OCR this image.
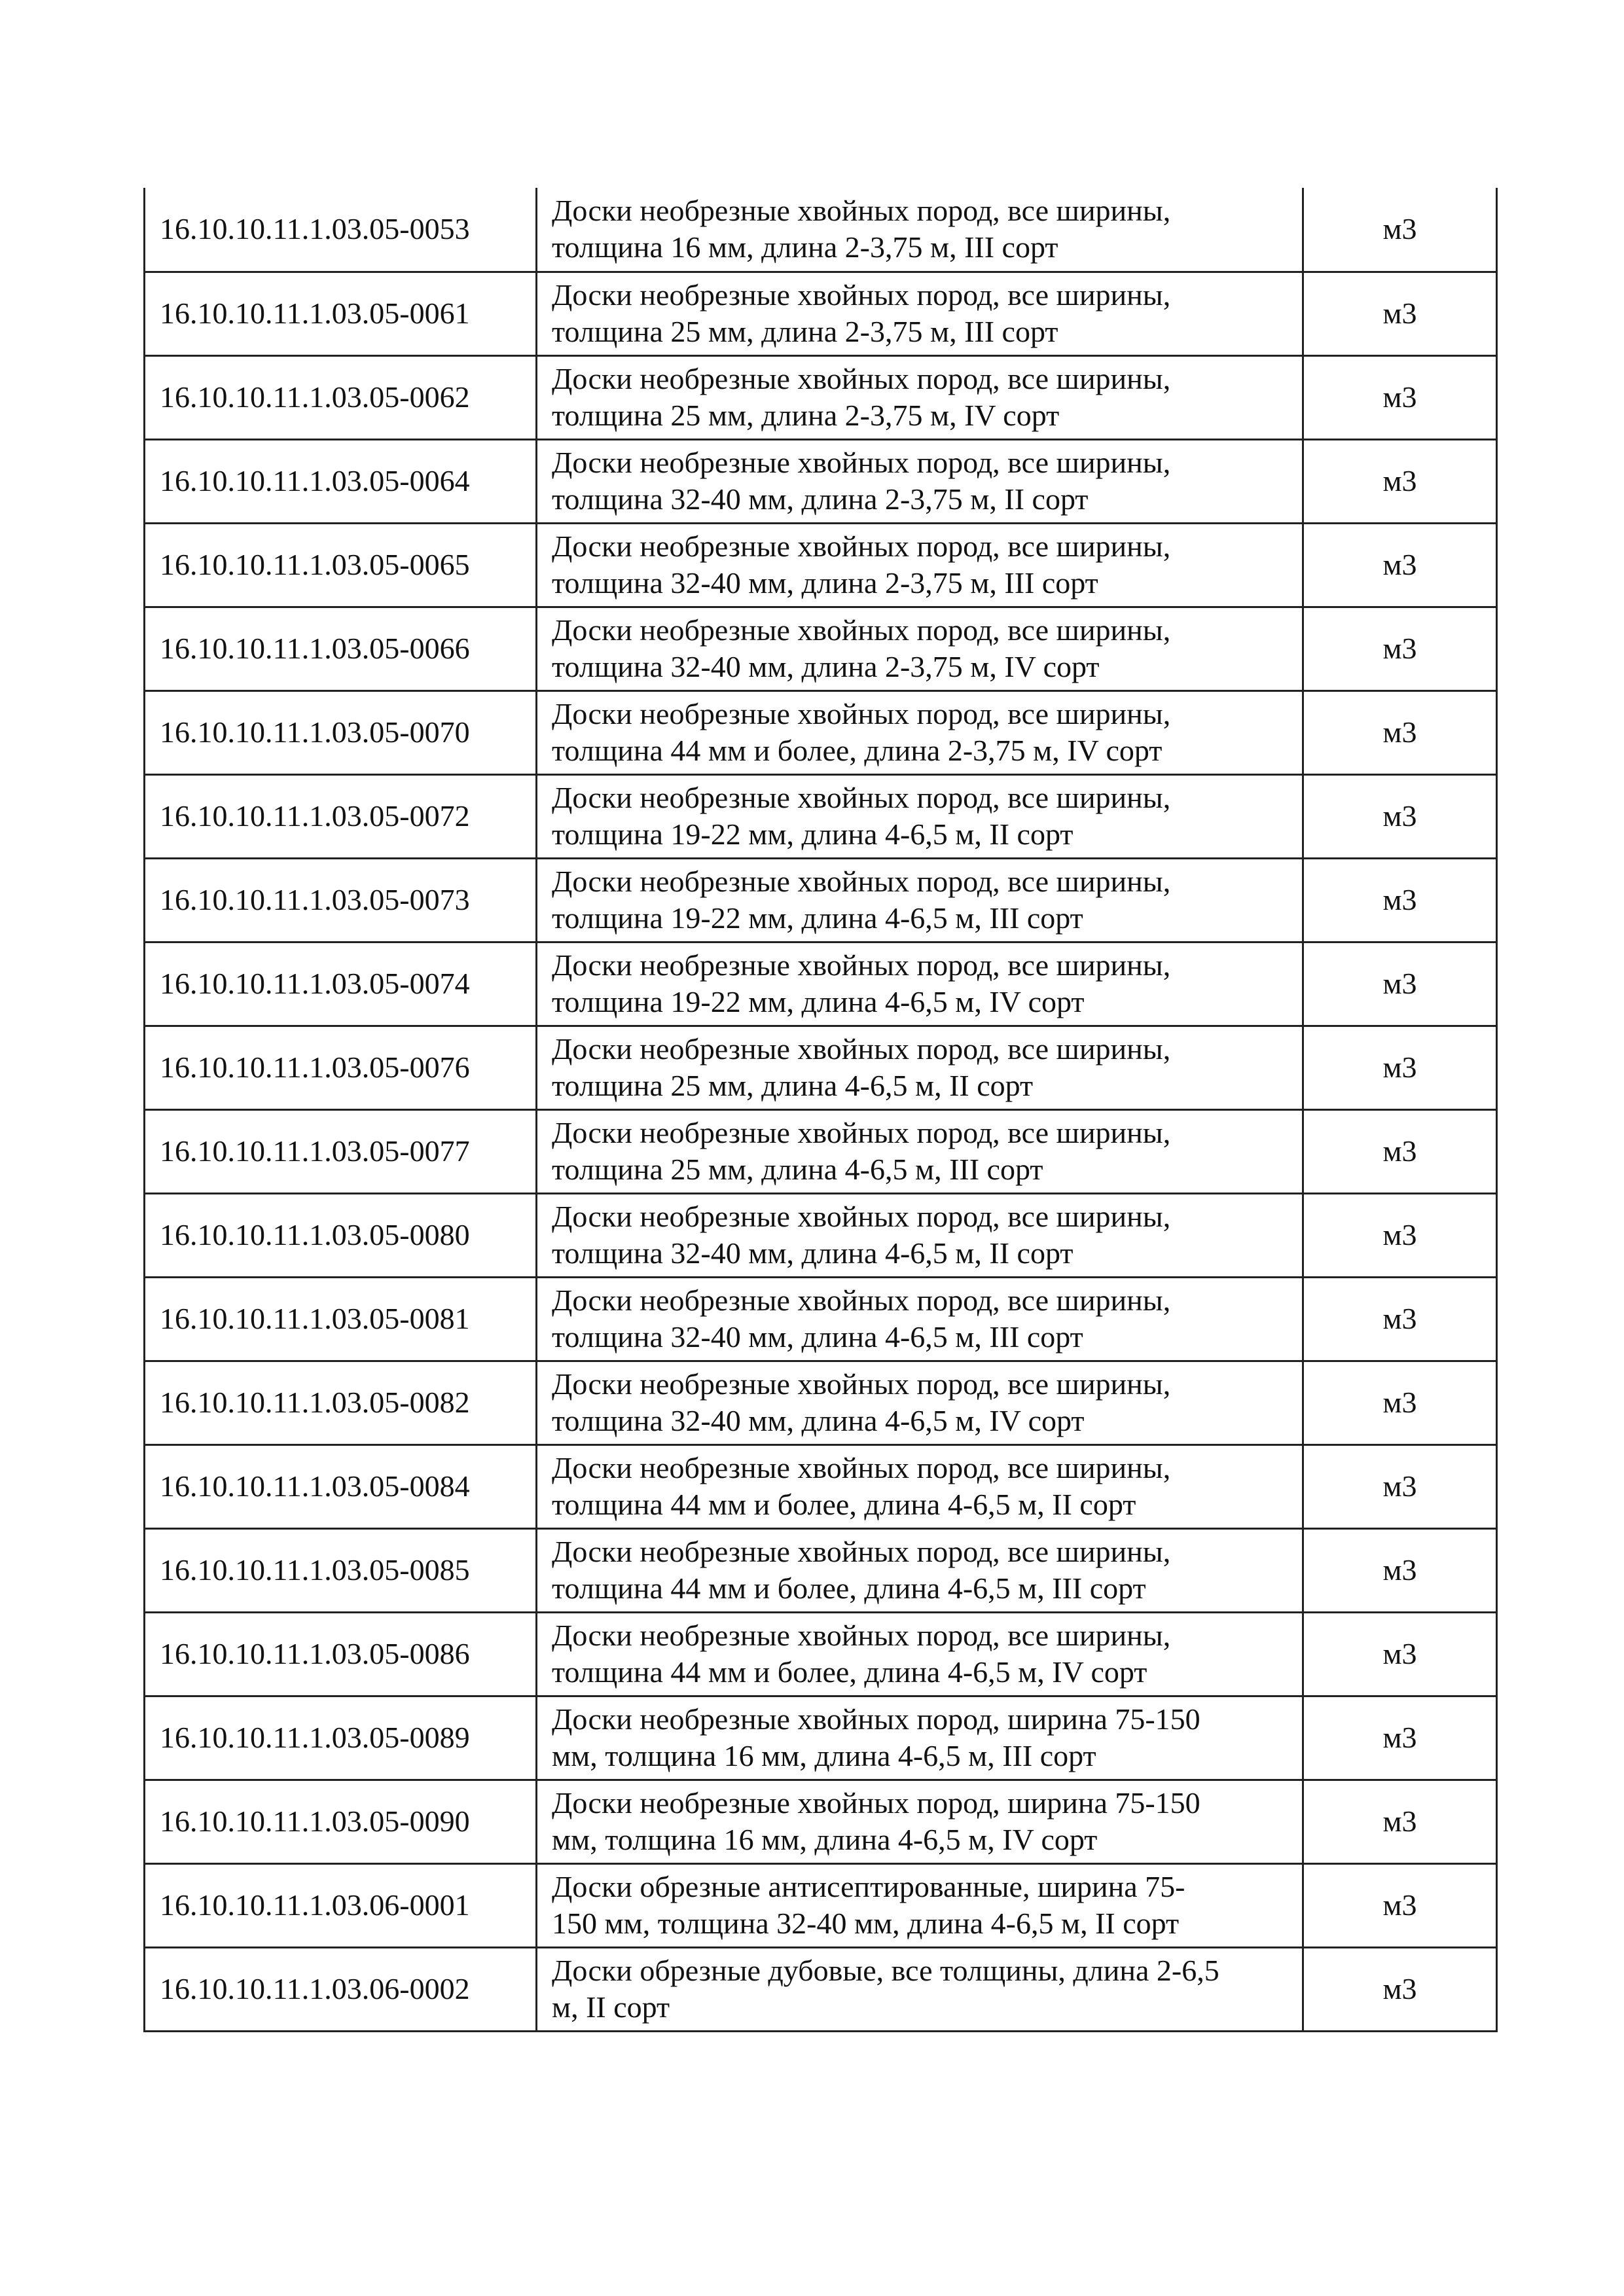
16.10.10.11.1.03.05-0053	Доски необрезные хвойных пород, все ширины,
толщина 16 мм, длина 2-3,75 м, III сорт	м3
16.10.10.11.1.03.05-0061	Доски необрезные хвойных пород, все ширины,
толщина 25 мм, длина 2-3,75 м, III сорт	м3
16.10.10.11.1.03.05-0062	Доски необрезные хвойных пород, все ширины,
толщина 25 мм, длина 2-3,75 м, IV сорт	м3
16.10.10.11.1.03.05-0064	Доски необрезные хвойных пород, все ширины,
толщина 32-40 мм, длина 2-3,75 м, II сорт	м3
16.10.10.11.1.03.05-0065	Доски необрезные хвойных пород, все ширины,
толщина 32-40 мм, длина 2-3,75 м, III сорт	м3
16.10.10.11.1.03.05-0066	Доски необрезные хвойных пород, все ширины,
толщина 32-40 мм, длина 2-3,75 м, IV сорт	м3
16.10.10.11.1.03.05-0070	Доски необрезные хвойных пород, все ширины,
толщина 44 мм и более, длина 2-3,75 м, IV сорт	м3
16.10.10.11.1.03.05-0072	Доски необрезные хвойных пород, все ширины,
толщина 19-22 мм, длина 4-6,5 м, II сорт	м3
16.10.10.11.1.03.05-0073	Доски необрезные хвойных пород, все ширины,
толщина 19-22 мм, длина 4-6,5 м, III сорт	м3
16.10.10.11.1.03.05-0074	Доски необрезные хвойных пород, все ширины,
толщина 19-22 мм, длина 4-6,5 м, IV сорт	м3
16.10.10.11.1.03.05-0076	Доски необрезные хвойных пород, все ширины,
толщина 25 мм, длина 4-6,5 м, II сорт	м3
16.10.10.11.1.03.05-0077	Доски необрезные хвойных пород, все ширины,
толщина 25 мм, длина 4-6,5 м, III сорт	м3
16.10.10.11.1.03.05-0080	Доски необрезные хвойных пород, все ширины,
толщина 32-40 мм, длина 4-6,5 м, II сорт	м3
16.10.10.11.1.03.05-0081	Доски необрезные хвойных пород, все ширины,
толщина 32-40 мм, длина 4-6,5 м, III сорт	м3
16.10.10.11.1.03.05-0082	Доски необрезные хвойных пород, все ширины,
толщина 32-40 мм, длина 4-6,5 м, IV сорт	м3
16.10.10.11.1.03.05-0084	Доски необрезные хвойных пород, все ширины,
толщина 44 мм и более, длина 4-6,5 м, II сорт	м3
16.10.10.11.1.03.05-0085	Доски необрезные хвойных пород, все ширины,
толщина 44 мм и более, длина 4-6,5 м, III сорт	м3
16.10.10.11.1.03.05-0086	Доски необрезные хвойных пород, все ширины,
толщина 44 мм и более, длина 4-6,5 м, IV сорт	м3
16.10.10.11.1.03.05-0089	Доски необрезные хвойных пород, ширина 75-150
мм, толщина 16 мм, длина 4-6,5 м, III сорт	м3
16.10.10.11.1.03.05-0090	Доски необрезные хвойных пород, ширина 75-150
мм, толщина 16 мм, длина 4-6,5 м, IV сорт	м3
16.10.10.11.1.03.06-0001	Доски обрезные антисептированные, ширина 75-
150 мм, толщина 32-40 мм, длина 4-6,5 м, II сорт	м3
16.10.10.11.1.03.06-0002	Доски обрезные дубовые, все толщины, длина 2-6,5
м, II сорт	м3
